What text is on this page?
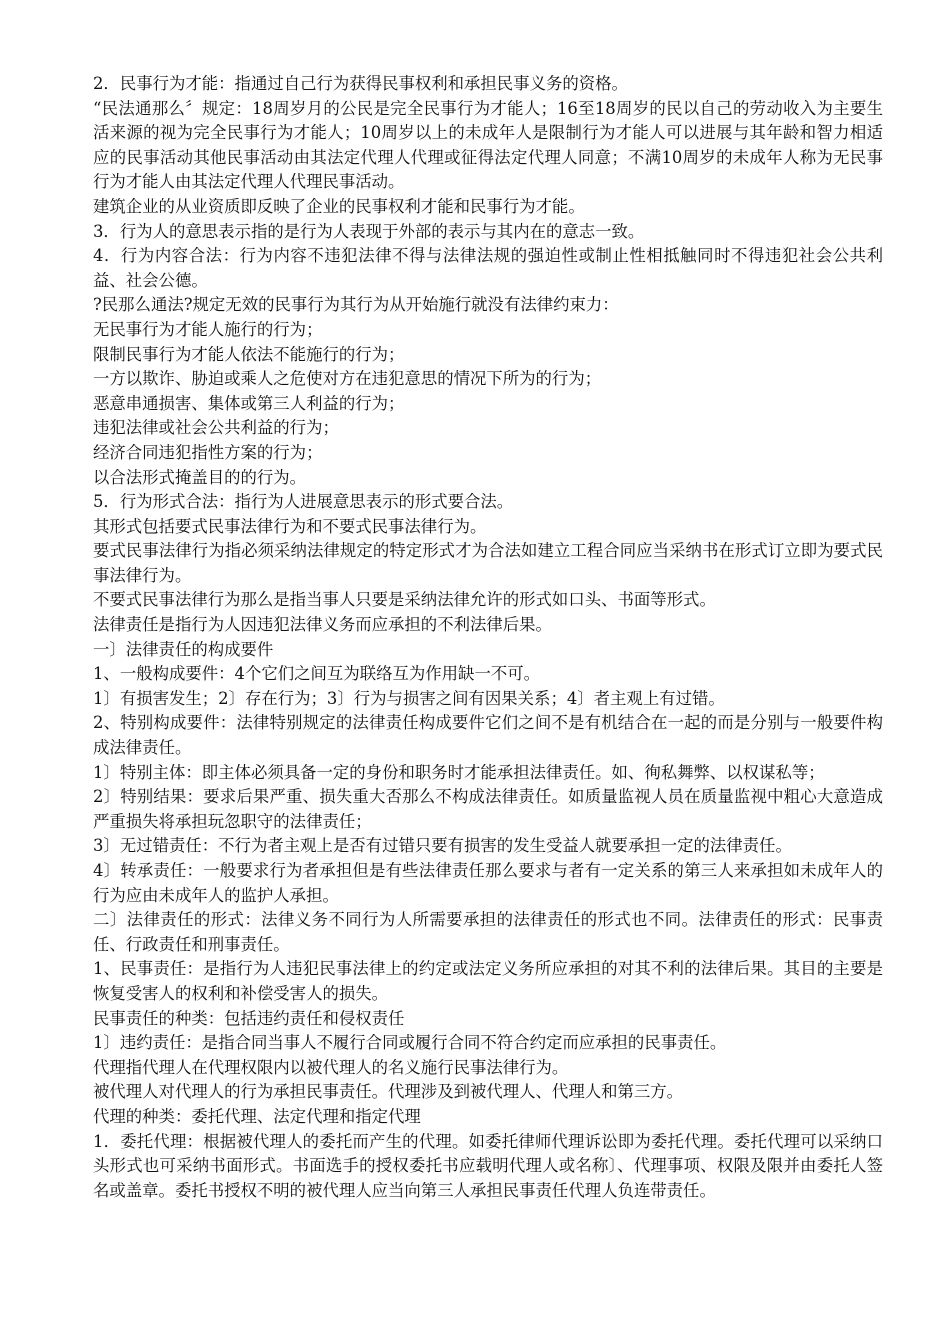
2．民事行为才能：指通过自己行为获得民事权利和承担民事义务的资格。

“民法通那么〞规定：18周岁月的公民是完全民事行为才能人；16至18周岁的民以自己的劳动收入为主要生活来源的视为完全民事行为才能人；10周岁以上的未成年人是限制行为才能人可以进展与其年龄和智力相适应的民事活动其他民事活动由其法定代理人代理或征得法定代理人同意；不满10周岁的未成年人称为无民事行为才能人由其法定代理人代理民事活动。

建筑企业的从业资质即反映了企业的民事权利才能和民事行为才能。

3．行为人的意思表示指的是行为人表现于外部的表示与其内在的意志一致。

4．行为内容合法：行为内容不违犯法律不得与法律法规的强迫性或制止性相抵触同时不得违犯社会公共利益、社会公德。

?民那么通法?规定无效的民事行为其行为从开始施行就没有法律约束力：

无民事行为才能人施行的行为；

限制民事行为才能人依法不能施行的行为；

一方以欺诈、胁迫或乘人之危使对方在违犯意思的情况下所为的行为；

恶意串通损害、集体或第三人利益的行为；

违犯法律或社会公共利益的行为；

经济合同违犯指性方案的行为；

以合法形式掩盖目的的行为。

5．行为形式合法：指行为人进展意思表示的形式要合法。

其形式包括要式民事法律行为和不要式民事法律行为。

要式民事法律行为指必须采纳法律规定的特定形式才为合法如建立工程合同应当采纳书在形式订立即为要式民事法律行为。

不要式民事法律行为那么是指当事人只要是采纳法律允许的形式如口头、书面等形式。

法律责任是指行为人因违犯法律义务而应承担的不利法律后果。

一〕法律责任的构成要件

1、一般构成要件：4个它们之间互为联络互为作用缺一不可。

1〕有损害发生；2〕存在行为；3〕行为与损害之间有因果关系；4〕者主观上有过错。

2、特别构成要件：法律特别规定的法律责任构成要件它们之间不是有机结合在一起的而是分别与一般要件构成法律责任。

1〕特别主体：即主体必须具备一定的身份和职务时才能承担法律责任。如、徇私舞弊、以权谋私等；

2〕特别结果：要求后果严重、损失重大否那么不构成法律责任。如质量监视人员在质量监视中粗心大意造成严重损失将承担玩忽职守的法律责任；

3〕无过错责任：不行为者主观上是否有过错只要有损害的发生受益人就要承担一定的法律责任。

4〕转承责任：一般要求行为者承担但是有些法律责任那么要求与者有一定关系的第三人来承担如未成年人的行为应由未成年人的监护人承担。

二〕法律责任的形式：法律义务不同行为人所需要承担的法律责任的形式也不同。法律责任的形式：民事责任、行政责任和刑事责任。

1、民事责任：是指行为人违犯民事法律上的约定或法定义务所应承担的对其不利的法律后果。其目的主要是恢复受害人的权利和补偿受害人的损失。

民事责任的种类：包括违约责任和侵权责任

1〕违约责任：是指合同当事人不履行合同或履行合同不符合约定而应承担的民事责任。

代理指代理人在代理权限内以被代理人的名义施行民事法律行为。

被代理人对代理人的行为承担民事责任。代理涉及到被代理人、代理人和第三方。

代理的种类：委托代理、法定代理和指定代理

1．委托代理：根据被代理人的委托而产生的代理。如委托律师代理诉讼即为委托代理。委托代理可以采纳口头形式也可采纳书面形式。书面选手的授权委托书应载明代理人或名称〕、代理事项、权限及限并由委托人签名或盖章。委托书授权不明的被代理人应当向第三人承担民事责任代理人负连带责任。
